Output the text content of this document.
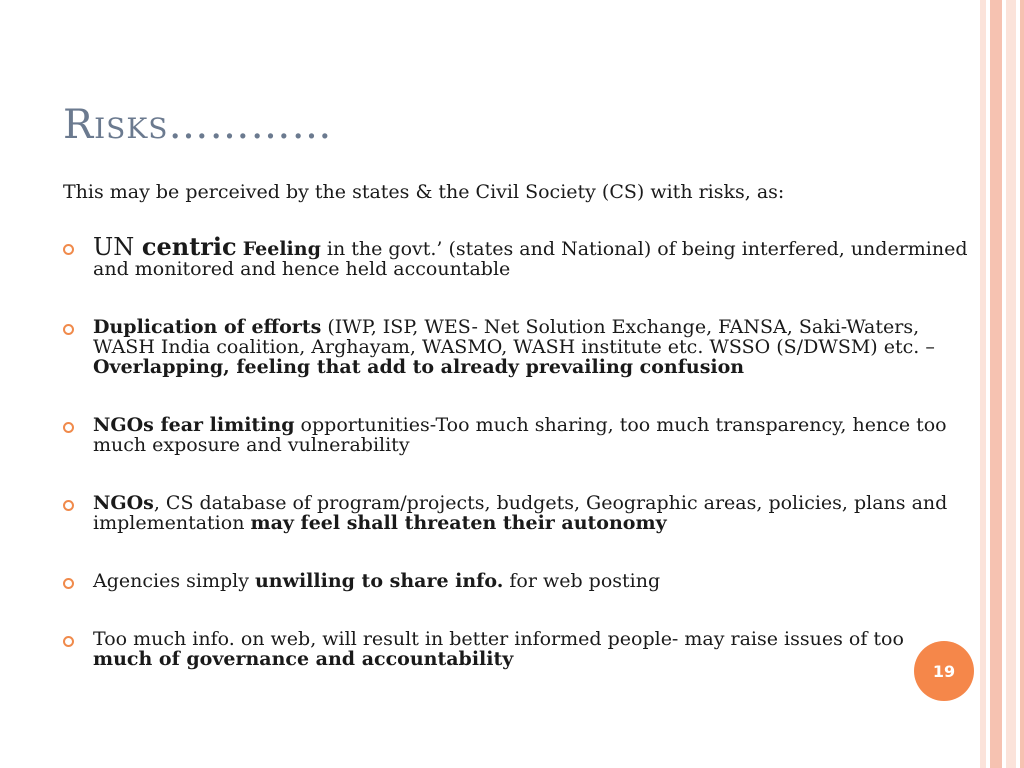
Risks…………
This may be perceived by the states & the Civil Society (CS) with risks, as:
UN centric Feeling in the govt.’ (states and National) of being interfered, undermined and monitored and hence held accountable
Duplication of efforts (IWP, ISP, WES- Net Solution Exchange, FANSA, Saki-Waters, WASH India coalition, Arghayam, WASMO, WASH institute etc. WSSO (S/DWSM) etc. – Overlapping, feeling that add to already prevailing confusion
NGOs fear limiting opportunities-Too much sharing, too much transparency, hence too much exposure and vulnerability
NGOs, CS database of program/projects, budgets, Geographic areas, policies, plans and implementation may feel shall threaten their autonomy
Agencies simply unwilling to share info. for web posting
Too much info. on web, will result in better informed people- may raise issues of too much of governance and accountability
19
